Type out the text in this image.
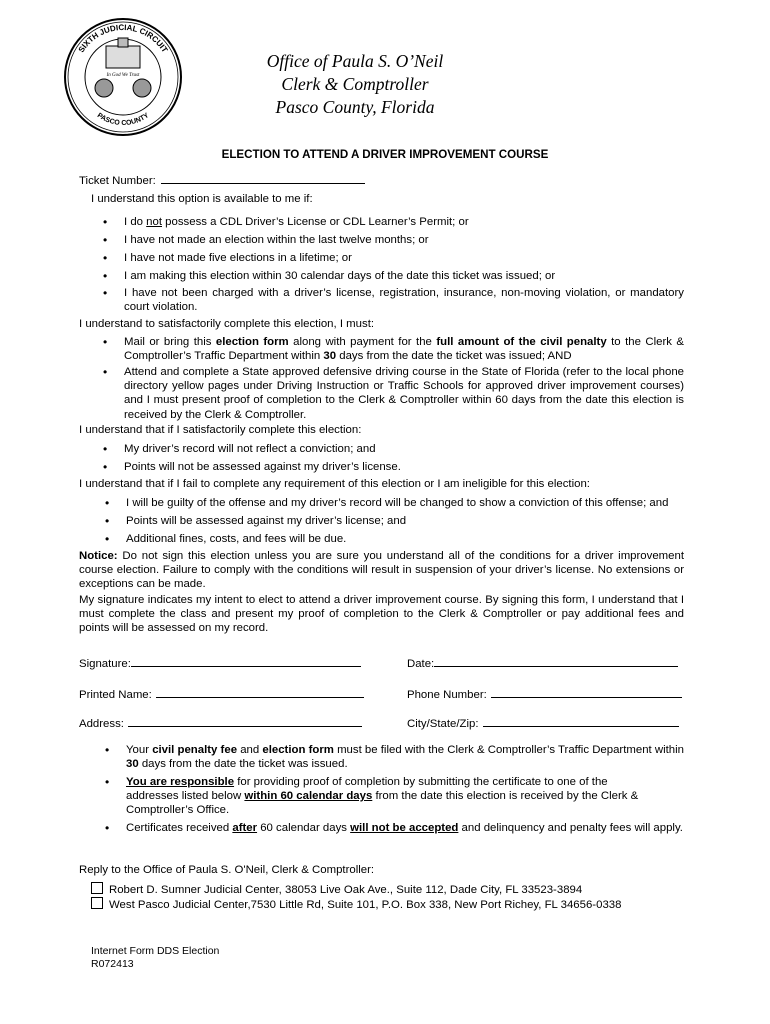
SIXTH JUDICIAL CIRCUIT
PASCO COUNTY
In God We Trust
Office of Paula S. O’Neil
Clerk & Comptroller
Pasco County, Florida
ELECTION TO ATTEND A DRIVER IMPROVEMENT COURSE
Ticket Number:
I understand this option is available to me if:
• I do not possess a CDL Driver’s License or CDL Learner’s Permit; or
• I have not made an election within the last twelve months; or
• I have not made five elections in a lifetime; or
• I am making this election within 30 calendar days of the date this ticket was issued; or
• I have not been charged with a driver’s license, registration, insurance, non-moving violation, or mandatory court violation.
I understand to satisfactorily complete this election, I must:
• Mail or bring this election form along with payment for the full amount of the civil penalty to the Clerk & Comptroller’s Traffic Department within 30 days from the date the ticket was issued; AND
• Attend and complete a State approved defensive driving course in the State of Florida (refer to the local phone directory yellow pages under Driving Instruction or Traffic Schools for approved driver improvement courses) and I must present proof of completion to the Clerk & Comptroller within 60 days from the date this election is received by the Clerk & Comptroller.
I understand that if I satisfactorily complete this election:
• My driver’s record will not reflect a conviction; and
• Points will not be assessed against my driver’s license.
I understand that if I fail to complete any requirement of this election or I am ineligible for this election:
• I will be guilty of the offense and my driver’s record will be changed to show a conviction of this offense; and
• Points will be assessed against my driver’s license; and
• Additional fines, costs, and fees will be due.
Notice: Do not sign this election unless you are sure you understand all of the conditions for a driver improvement course election. Failure to comply with the conditions will result in suspension of your driver’s license. No extensions or exceptions can be made.
My signature indicates my intent to elect to attend a driver improvement course. By signing this form, I understand that I must complete the class and present my proof of completion to the Clerk & Comptroller or pay additional fees and points will be assessed on my record.
Signature:	Date:
Printed Name:	Phone Number:
Address:	City/State/Zip:
• Your civil penalty fee and election form must be filed with the Clerk & Comptroller’s Traffic Department within 30 days from the date the ticket was issued.
• You are responsible for providing proof of completion by submitting the certificate to one of the addresses listed below within 60 calendar days from the date this election is received by the Clerk & Comptroller’s Office.
• Certificates received after 60 calendar days will not be accepted and delinquency and penalty fees will apply.
Reply to the Office of Paula S. O'Neil, Clerk & Comptroller:
Robert D. Sumner Judicial Center, 38053 Live Oak Ave., Suite 112, Dade City, FL 33523-3894
West Pasco Judicial Center,7530 Little Rd, Suite 101, P.O. Box 338, New Port Richey, FL 34656-0338
Internet Form DDS Election
R072413
